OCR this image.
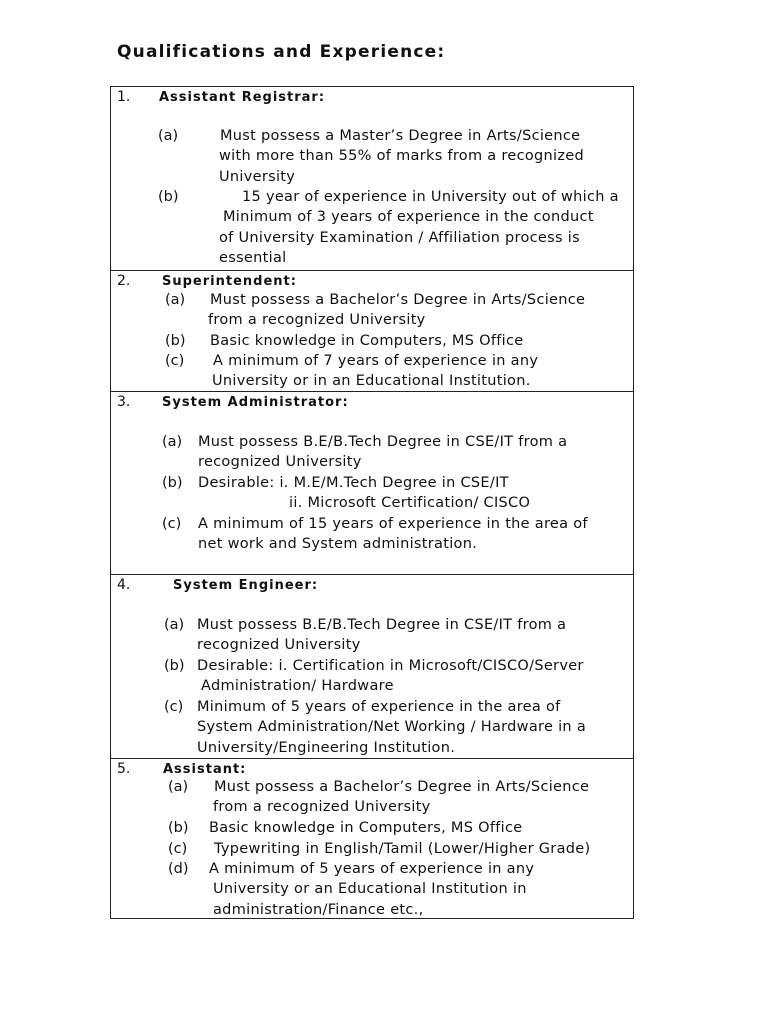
Qualifications and Experience:
1. Assistant Registrar:
(a)	Must possess a Master’s Degree in Arts/Science
with more than 55% of marks from a recognized
University
(b)	15 year of experience in University out of which a
Minimum of 3 years of experience in the conduct
of University Examination / Affiliation process is
essential
2. Superintendent:
(a) Must possess a Bachelor’s Degree in Arts/Science
from a recognized University
(b) Basic knowledge in Computers, MS Office
(c) A minimum of 7 years of experience in any
University or in an Educational Institution.
3. System Administrator:
(a) Must possess B.E/B.Tech Degree in CSE/IT from a
recognized University
(b) Desirable: i. M.E/M.Tech Degree in CSE/IT
ii. Microsoft Certification/ CISCO
(c) A minimum of 15 years of experience in the area of
net work and System administration.
4.	System Engineer:
(a) Must possess B.E/B.Tech Degree in CSE/IT from a
recognized University
(b) Desirable: i. Certification in Microsoft/CISCO/Server
Administration/ Hardware
(c) Minimum of 5 years of experience in the area of
System Administration/Net Working / Hardware in a
University/Engineering Institution.
5.	Assistant:
(a) Must possess a Bachelor’s Degree in Arts/Science
from a recognized University
(b) Basic knowledge in Computers, MS Office
(c) Typewriting in English/Tamil (Lower/Higher Grade)
(d) A minimum of 5 years of experience in any
University or an Educational Institution in
administration/Finance etc.,
